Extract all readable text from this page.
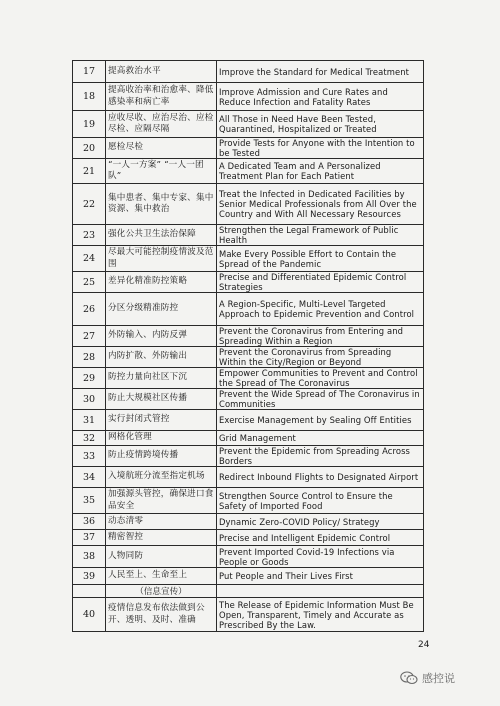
17	提高救治水平	Improve the Standard for Medical Treatment
18	提高收治率和治愈率、降低感染率和病亡率	Improve Admission and Cure Rates and Reduce Infection and Fatality Rates
19	应收尽收、应治尽治、应检尽检、应隔尽隔	All Those in Need Have Been Tested, Quarantined, Hospitalized or Treated
20	愿检尽检	Provide Tests for Anyone with the Intention to be Tested
21	“一人一方案” “一人一团队”	A Dedicated Team and A Personalized Treatment Plan for Each Patient
22	集中患者、集中专家、集中资源、集中救治	Treat the Infected in Dedicated Facilities by Senior Medical Professionals from All Over the Country and With All Necessary Resources
23	强化公共卫生法治保障	Strengthen the Legal Framework of Public Health
24	尽最大可能控制疫情波及范围	Make Every Possible Effort to Contain the Spread of the Pandemic
25	差异化精准防控策略	Precise and Differentiated Epidemic Control Strategies
26	分区分级精准防控	A Region-Specific, Multi-Level Targeted Approach to Epidemic Prevention and Control
27	外防输入、内防反弹	Prevent the Coronavirus from Entering and Spreading Within a Region
28	内防扩散、外防输出	Prevent the Coronavirus from Spreading Within the City/Region or Beyond
29	防控力量向社区下沉	Empower Communities to Prevent and Control the Spread of The Coronavirus
30	防止大规模社区传播	Prevent the Wide Spread of The Coronavirus in Communities
31	实行封闭式管控	Exercise Management by Sealing Off Entities
32	网格化管理	Grid Management
33	防止疫情跨境传播	Prevent the Epidemic from Spreading Across Borders
34	入境航班分流至指定机场	Redirect Inbound Flights to Designated Airport
35	加强源头管控，确保进口食品安全	Strengthen Source Control to Ensure the Safety of Imported Food
36	动态清零	Dynamic Zero-COVID Policy/ Strategy
37	精密智控	Precise and Intelligent Epidemic Control
38	人物同防	Prevent Imported Covid-19 Infections via People or Goods
39	人民至上、生命至上	Put People and Their Lives First
	（信息宣传）	
40	疫情信息发布依法做到公开、透明、及时、准确	The Release of Epidemic Information Must Be Open, Transparent, Timely and Accurate as Prescribed By the Law.
24
感控说
